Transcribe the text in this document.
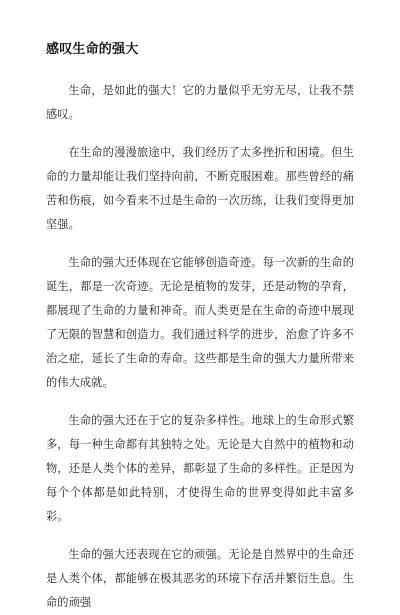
感叹生命的强大

生命，是如此的强大！它的力量似乎无穷无尽，让我不禁感叹。

在生命的漫漫旅途中，我们经历了太多挫折和困境。但生命的力量却能让我们坚持向前，不断克服困难。那些曾经的痛苦和伤痕，如今看来不过是生命的一次历练，让我们变得更加坚强。

生命的强大还体现在它能够创造奇迹。每一次新的生命的诞生，都是一次奇迹。无论是植物的发芽，还是动物的孕育，都展现了生命的力量和神奇。而人类更是在生命的奇迹中展现了无限的智慧和创造力。我们通过科学的进步，治愈了许多不治之症，延长了生命的寿命。这些都是生命的强大力量所带来的伟大成就。

生命的强大还在于它的复杂多样性。地球上的生命形式繁多，每一种生命都有其独特之处。无论是大自然中的植物和动物，还是人类个体的差异，都彰显了生命的多样性。正是因为每个个体都是如此特别，才使得生命的世界变得如此丰富多彩。

生命的强大还表现在它的顽强。无论是自然界中的生命还是人类个体，都能够在极其恶劣的环境下存活并繁衍生息。生命的顽强
